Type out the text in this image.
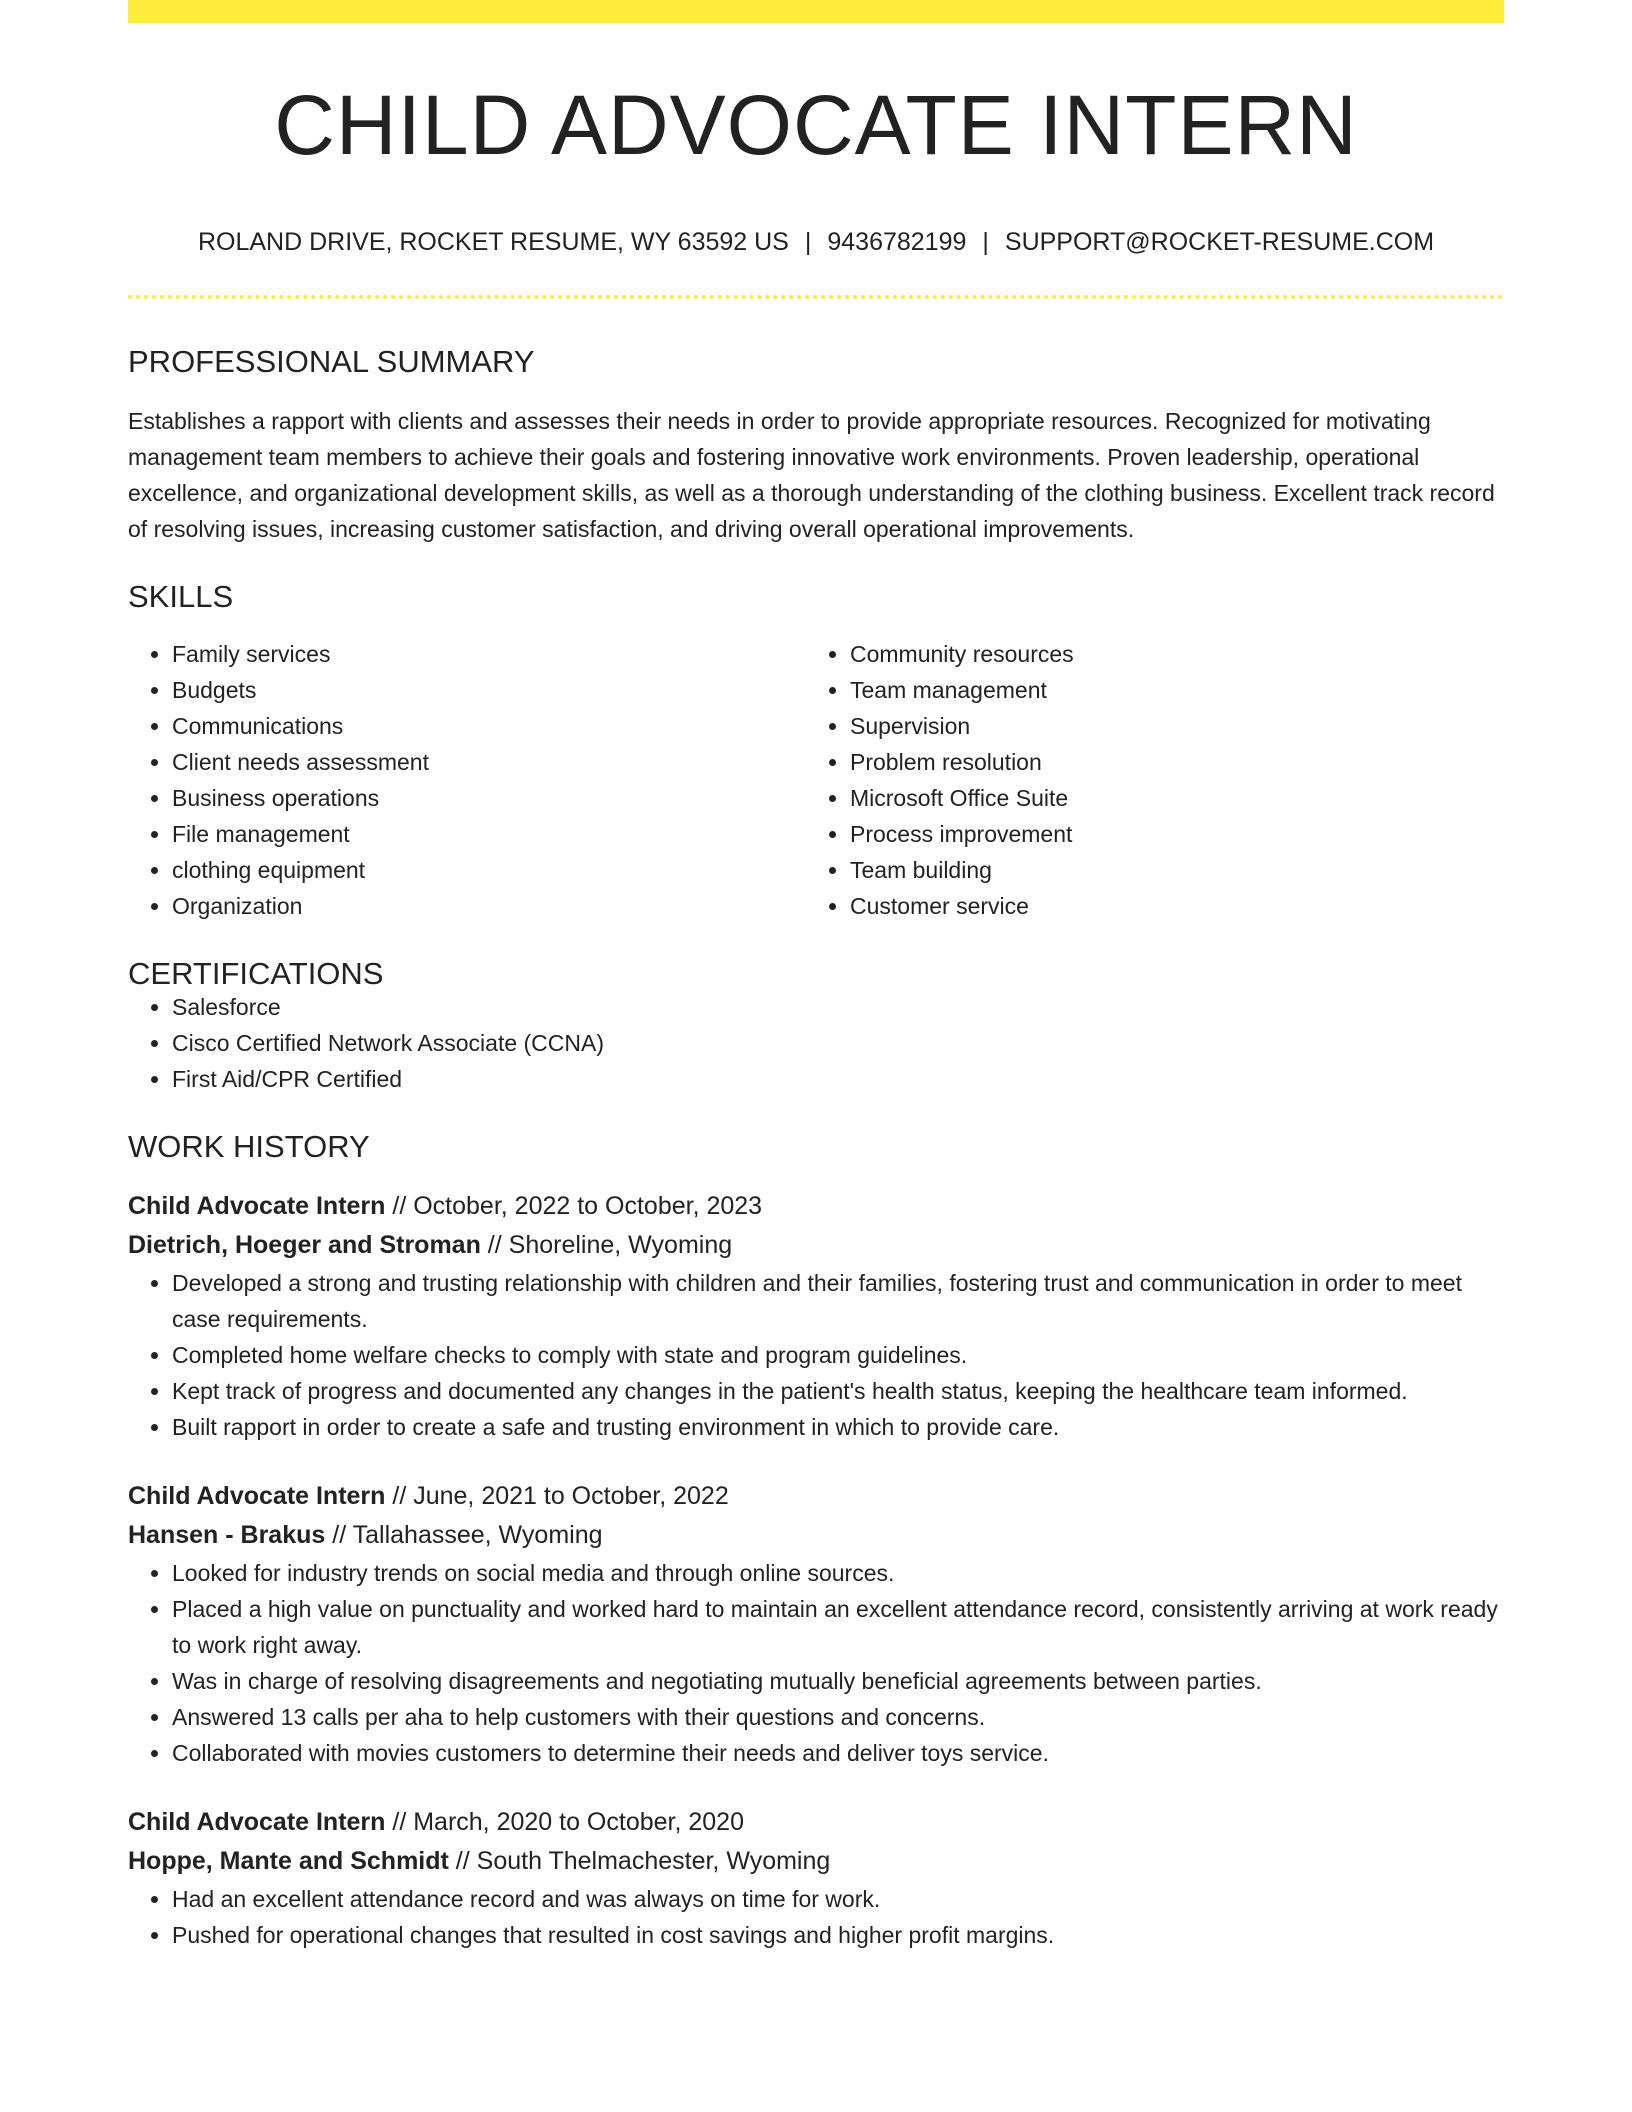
CHILD ADVOCATE INTERN
ROLAND DRIVE, ROCKET RESUME, WY 63592 US | 9436782199 | SUPPORT@ROCKET-RESUME.COM
PROFESSIONAL SUMMARY

Establishes a rapport with clients and assesses their needs in order to provide appropriate resources. Recognized for motivating management team members to achieve their goals and fostering innovative work environments. Proven leadership, operational excellence, and organizational development skills, as well as a thorough understanding of the clothing business. Excellent track record of resolving issues, increasing customer satisfaction, and driving overall operational improvements.

SKILLS
• Family services
• Budgets
• Communications
• Client needs assessment
• Business operations
• File management
• clothing equipment
• Organization
• Community resources
• Team management
• Supervision
• Problem resolution
• Microsoft Office Suite
• Process improvement
• Team building
• Customer service
CERTIFICATIONS
• Salesforce
• Cisco Certified Network Associate (CCNA)
• First Aid/CPR Certified
WORK HISTORY
Child Advocate Intern // October, 2022 to October, 2023
Dietrich, Hoeger and Stroman // Shoreline, Wyoming
• Developed a strong and trusting relationship with children and their families, fostering trust and communication in order to meet case requirements.
• Completed home welfare checks to comply with state and program guidelines.
• Kept track of progress and documented any changes in the patient's health status, keeping the healthcare team informed.
• Built rapport in order to create a safe and trusting environment in which to provide care.
Child Advocate Intern // June, 2021 to October, 2022
Hansen - Brakus // Tallahassee, Wyoming
• Looked for industry trends on social media and through online sources.
• Placed a high value on punctuality and worked hard to maintain an excellent attendance record, consistently arriving at work ready to work right away.
• Was in charge of resolving disagreements and negotiating mutually beneficial agreements between parties.
• Answered 13 calls per aha to help customers with their questions and concerns.
• Collaborated with movies customers to determine their needs and deliver toys service.
Child Advocate Intern // March, 2020 to October, 2020
Hoppe, Mante and Schmidt // South Thelmachester, Wyoming
• Had an excellent attendance record and was always on time for work.
• Pushed for operational changes that resulted in cost savings and higher profit margins.
